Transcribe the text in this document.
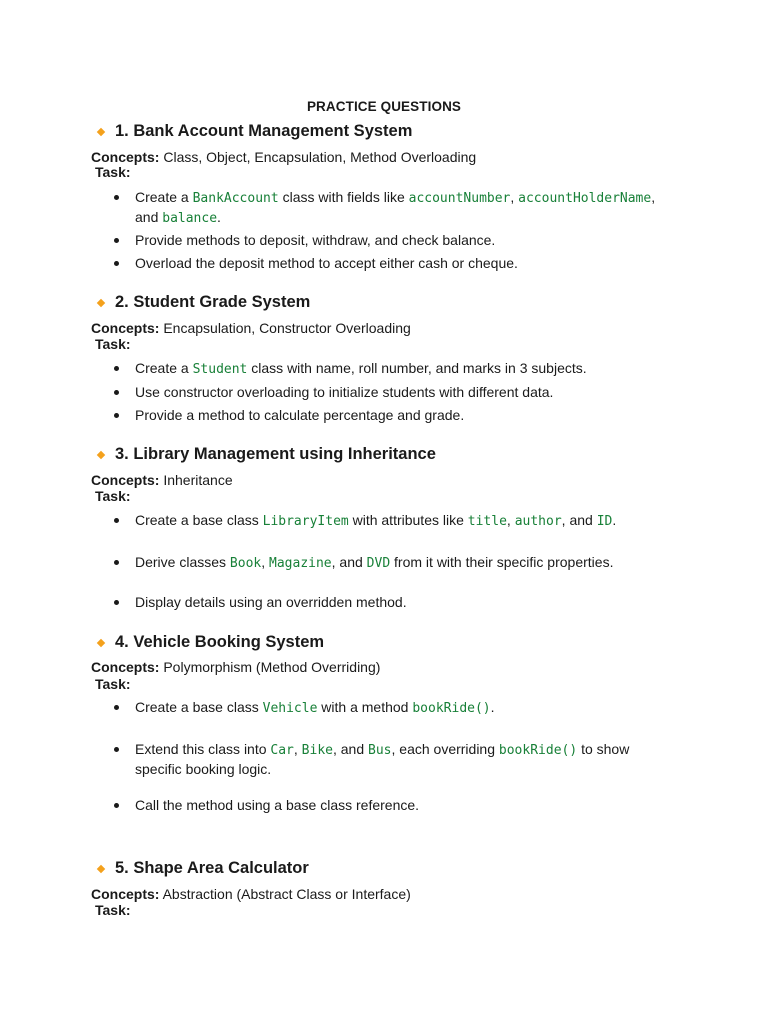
PRACTICE QUESTIONS
1. Bank Account Management System
Concepts: Class, Object, Encapsulation, Method Overloading
Task:
Create a BankAccount class with fields like accountNumber, accountHolderName, and balance.
Provide methods to deposit, withdraw, and check balance.
Overload the deposit method to accept either cash or cheque.
2. Student Grade System
Concepts: Encapsulation, Constructor Overloading
Task:
Create a Student class with name, roll number, and marks in 3 subjects.
Use constructor overloading to initialize students with different data.
Provide a method to calculate percentage and grade.
3. Library Management using Inheritance
Concepts: Inheritance
Task:
Create a base class LibraryItem with attributes like title, author, and ID.
Derive classes Book, Magazine, and DVD from it with their specific properties.
Display details using an overridden method.
4. Vehicle Booking System
Concepts: Polymorphism (Method Overriding)
Task:
Create a base class Vehicle with a method bookRide().
Extend this class into Car, Bike, and Bus, each overriding bookRide() to show specific booking logic.
Call the method using a base class reference.
5. Shape Area Calculator
Concepts: Abstraction (Abstract Class or Interface)
Task:
